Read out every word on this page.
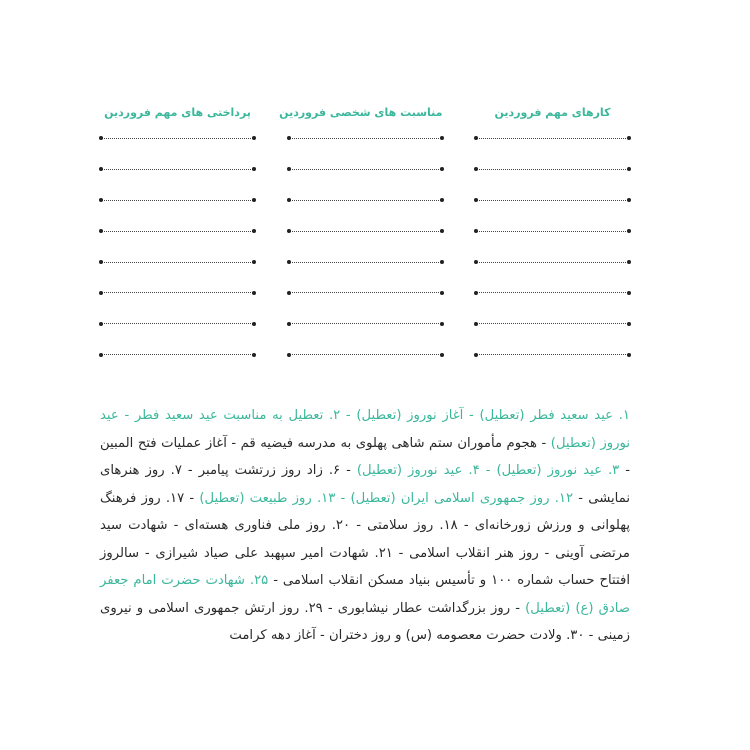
کارهای مهم فروردین
مناسبت های شخصی فروردین
پرداختی های مهم فروردین
۱. عید سعید فطر (تعطیل) - آغاز نوروز (تعطیل) - ۲. تعطیل به مناسبت عید سعید فطر - عید نوروز (تعطیل) - هجوم مأموران ستم شاهی پهلوی به مدرسه فیضیه قم - آغاز عملیات فتح المبین - ۳. عید نوروز (تعطیل) - ۴. عید نوروز (تعطیل) - ۶. زاد روز زرتشت پیامبر - ۷. روز هنرهای نمایشی - ۱۲. روز جمهوری اسلامی ایران (تعطیل) - ۱۳. روز طبیعت (تعطیل) - ۱۷. روز فرهنگ پهلوانی و ورزش زورخانه‌ای - ۱۸. روز سلامتی - ۲۰. روز ملی فناوری هسته‌ای - شهادت سید مرتضی آوینی - روز هنر انقلاب اسلامی - ۲۱. شهادت امیر سپهبد علی صیاد شیرازی - سالروز افتتاح حساب شماره ۱۰۰ و تأسیس بنیاد مسکن انقلاب اسلامی - ۲۵. شهادت حضرت امام جعفر صادق (ع) (تعطیل) - روز بزرگداشت عطار نیشابوری - ۲۹. روز ارتش جمهوری اسلامی و نیروی زمینی - ۳۰. ولادت حضرت معصومه (س) و روز دختران - آغاز دهه کرامت
